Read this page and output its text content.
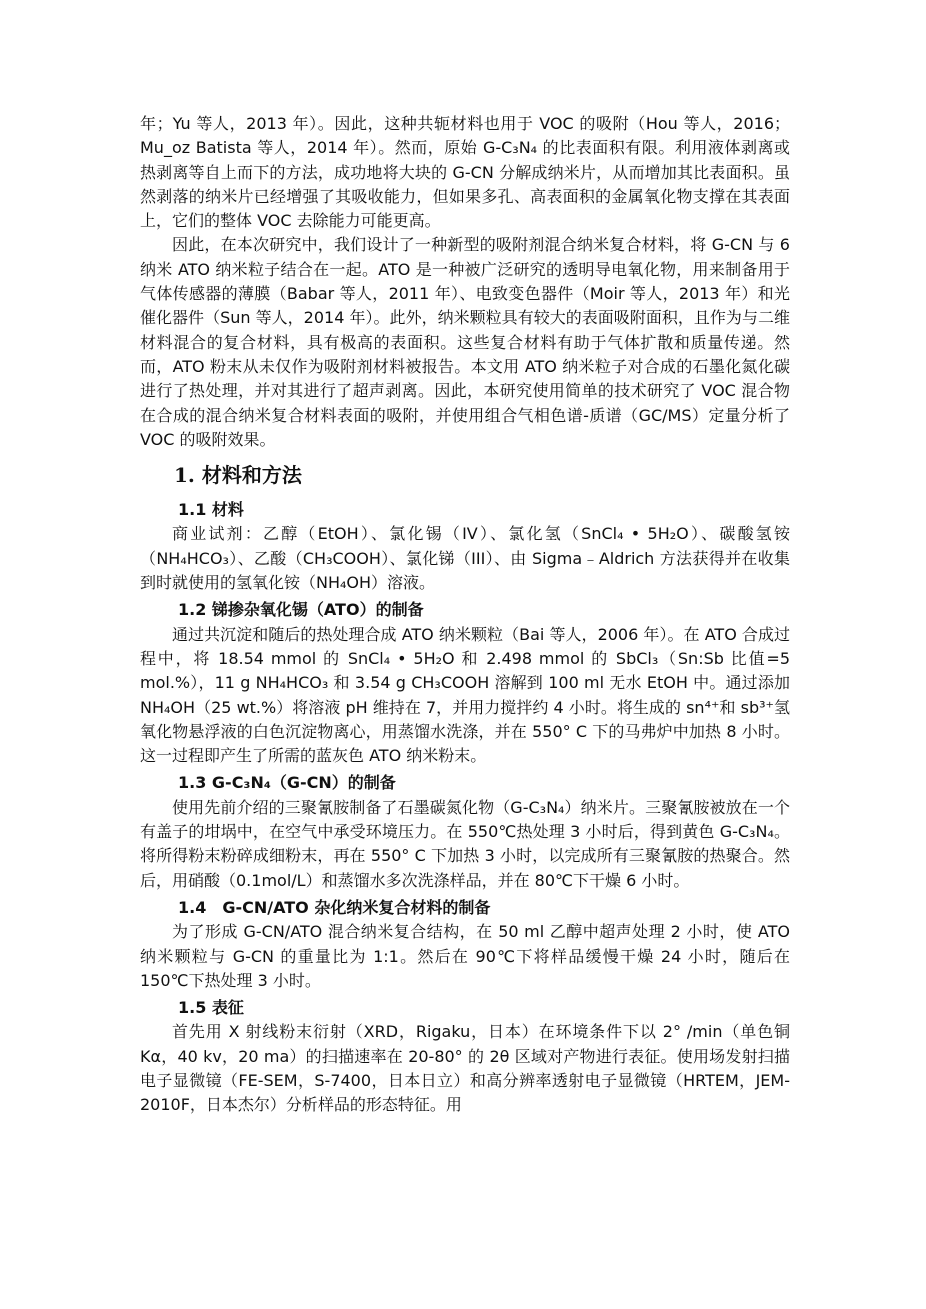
年；Yu 等人，2013 年）。因此，这种共轭材料也用于 VOC 的吸附（Hou 等人，2016；Mu_oz Batista 等人，2014 年）。然而，原始 G-C₃N₄ 的比表面积有限。利用液体剥离或热剥离等自上而下的方法，成功地将大块的 G-CN 分解成纳米片，从而增加其比表面积。虽然剥落的纳米片已经增强了其吸收能力，但如果多孔、高表面积的金属氧化物支撑在其表面上，它们的整体 VOC 去除能力可能更高。

因此，在本次研究中，我们设计了一种新型的吸附剂混合纳米复合材料，将 G-CN 与 6 纳米 ATO 纳米粒子结合在一起。ATO 是一种被广泛研究的透明导电氧化物，用来制备用于气体传感器的薄膜（Babar 等人，2011 年）、电致变色器件（Moir 等人，2013 年）和光催化器件（Sun 等人，2014 年）。此外，纳米颗粒具有较大的表面吸附面积，且作为与二维材料混合的复合材料，具有极高的表面积。这些复合材料有助于气体扩散和质量传递。然而，ATO 粉末从未仅作为吸附剂材料被报告。本文用 ATO 纳米粒子对合成的石墨化氮化碳进行了热处理，并对其进行了超声剥离。因此，本研究使用简单的技术研究了 VOC 混合物在合成的混合纳米复合材料表面的吸附，并使用组合气相色谱-质谱（GC/MS）定量分析了 VOC 的吸附效果。

1. 材料和方法
1.1 材料

商业试剂：乙醇（EtOH）、氯化锡（IV）、氯化氢（SnCl₄ • 5H₂O）、碳酸氢铵（NH₄HCO₃）、乙酸（CH₃COOH）、氯化锑（III）、由 Sigma﹣Aldrich 方法获得并在收集到时就使用的氢氧化铵（NH₄OH）溶液。

1.2 锑掺杂氧化锡（ATO）的制备

通过共沉淀和随后的热处理合成 ATO 纳米颗粒（Bai 等人，2006 年）。在 ATO 合成过程中，将 18.54 mmol 的 SnCl₄ • 5H₂O 和 2.498 mmol 的 SbCl₃（Sn:Sb 比值=5 mol.%），11 g NH₄HCO₃ 和 3.54 g CH₃COOH 溶解到 100 ml 无水 EtOH 中。通过添加 NH₄OH（25 wt.%）将溶液 pH 维持在 7，并用力搅拌约 4 小时。将生成的 sn⁴⁺和 sb³⁺氢氧化物悬浮液的白色沉淀物离心，用蒸馏水洗涤，并在 550° C 下的马弗炉中加热 8 小时。这一过程即产生了所需的蓝灰色 ATO 纳米粉末。

1.3 G-C₃N₄（G-CN）的制备

使用先前介绍的三聚氰胺制备了石墨碳氮化物（G-C₃N₄）纳米片。三聚氰胺被放在一个有盖子的坩埚中，在空气中承受环境压力。在 550℃热处理 3 小时后，得到黄色 G-C₃N₄。将所得粉末粉碎成细粉末，再在 550° C 下加热 3 小时，以完成所有三聚氰胺的热聚合。然后，用硝酸（0.1mol/L）和蒸馏水多次洗涤样品，并在 80℃下干燥 6 小时。

1.4　G-CN/ATO 杂化纳米复合材料的制备

为了形成 G-CN/ATO 混合纳米复合结构，在 50 ml 乙醇中超声处理 2 小时，使 ATO 纳米颗粒与 G-CN 的重量比为 1:1。然后在 90℃下将样品缓慢干燥 24 小时，随后在 150℃下热处理 3 小时。

1.5 表征

首先用 X 射线粉末衍射（XRD，Rigaku，日本）在环境条件下以 2° /min（单色铜 Kα，40 kv，20 ma）的扫描速率在 20-80° 的 2θ 区域对产物进行表征。使用场发射扫描电子显微镜（FE-SEM，S-7400，日本日立）和高分辨率透射电子显微镜（HRTEM，JEM-2010F，日本杰尔）分析样品的形态特征。用
